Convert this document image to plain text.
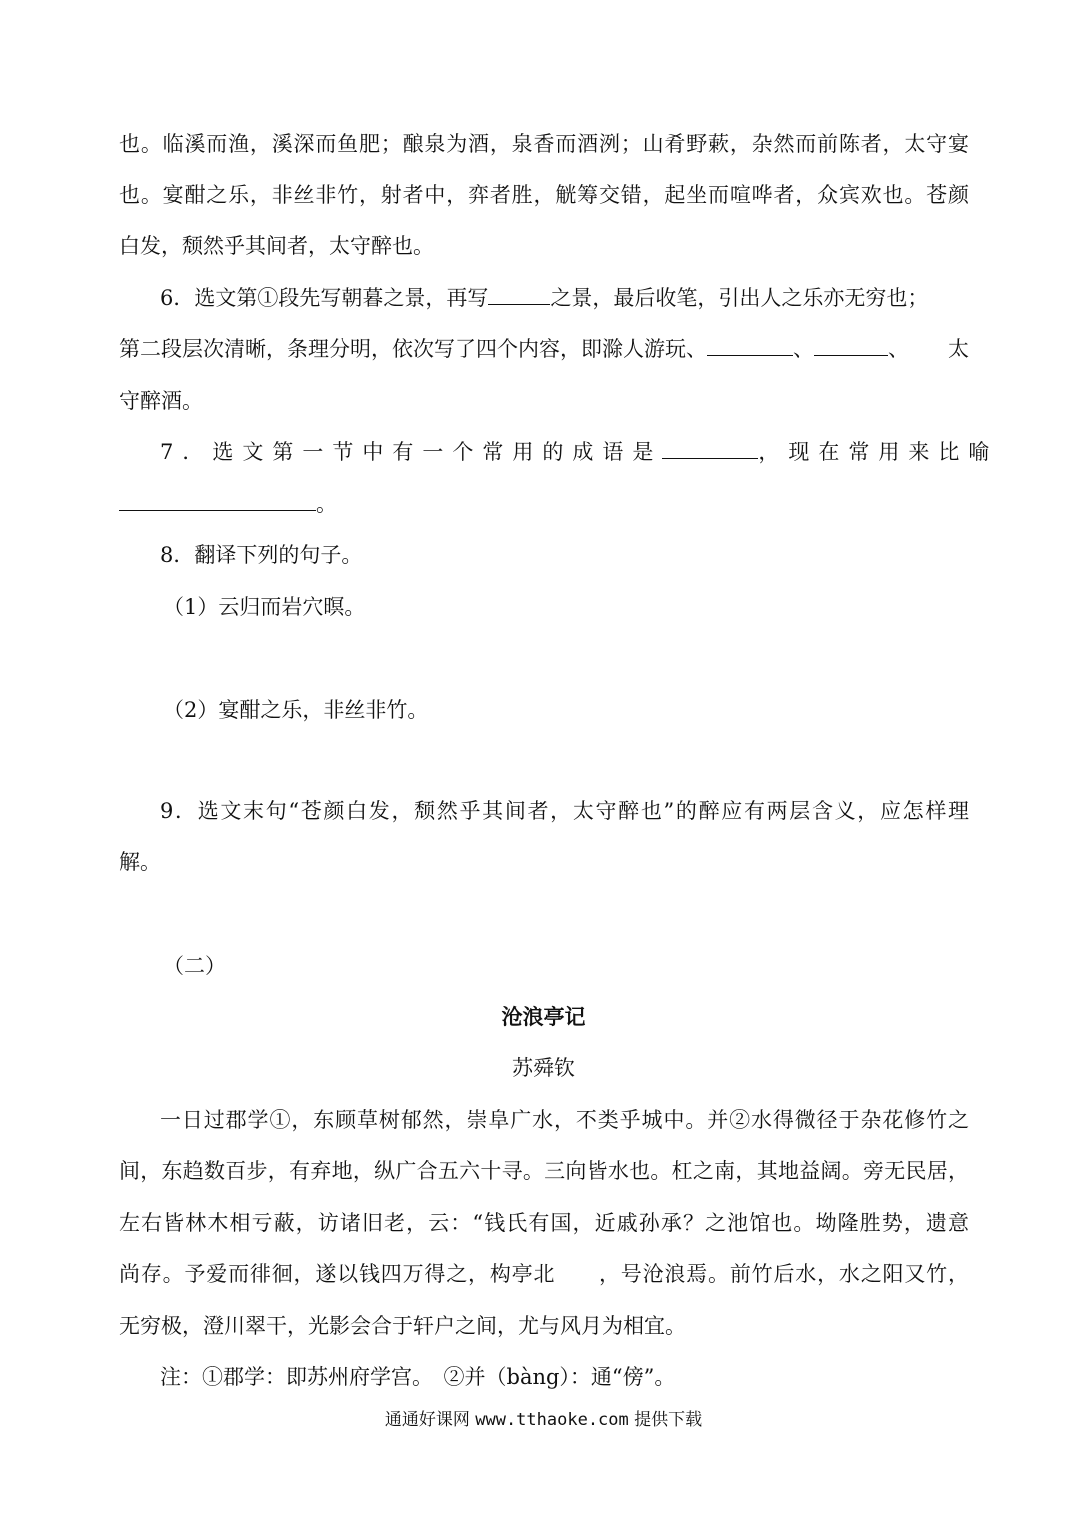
也。临溪而渔，溪深而鱼肥；酿泉为酒，泉香而酒洌；山肴野蔌，杂然而前陈者，太守宴
也。宴酣之乐，非丝非竹，射者中，弈者胜，觥筹交错，起坐而喧哗者，众宾欢也。苍颜
白发，颓然乎其间者，太守醉也。
6．选文第①段先写朝暮之景，再写	之景，最后收笔，引出人之乐亦无穷也；
第二段层次清晰，条理分明，依次写了四个内容，即滁人游玩、	、	、 太
守醉酒。
7．选文第一节中有一个常用的成语是	，现在常用来比喻
。
8．翻译下列的句子。
（1）云归而岩穴暝。
（2）宴酣之乐，非丝非竹。
9．选文末句“苍颜白发，颓然乎其间者，太守醉也”的醉应有两层含义，应怎样理
解。
（二）
沧浪亭记
苏舜钦
一日过郡学①，东顾草树郁然，崇阜广水，不类乎城中。并②水得微径于杂花修竹之
间，东趋数百步，有弃地，纵广合五六十寻。三向皆水也。杠之南，其地益阔。旁无民居，
左右皆林木相亏蔽，访诸旧老，云：“钱氏有国，近戚孙承？之池馆也。坳隆胜势，遗意
尚存。予爱而徘徊，遂以钱四万得之，构亭北　　，号沧浪焉。前竹后水，水之阳又竹，
无穷极，澄川翠干，光影会合于轩户之间，尤与风月为相宜。
注：①郡学：即苏州府学宫。　②并（bàng）：通“傍”。
通通好课网 www.tthaoke.com 提供下载
